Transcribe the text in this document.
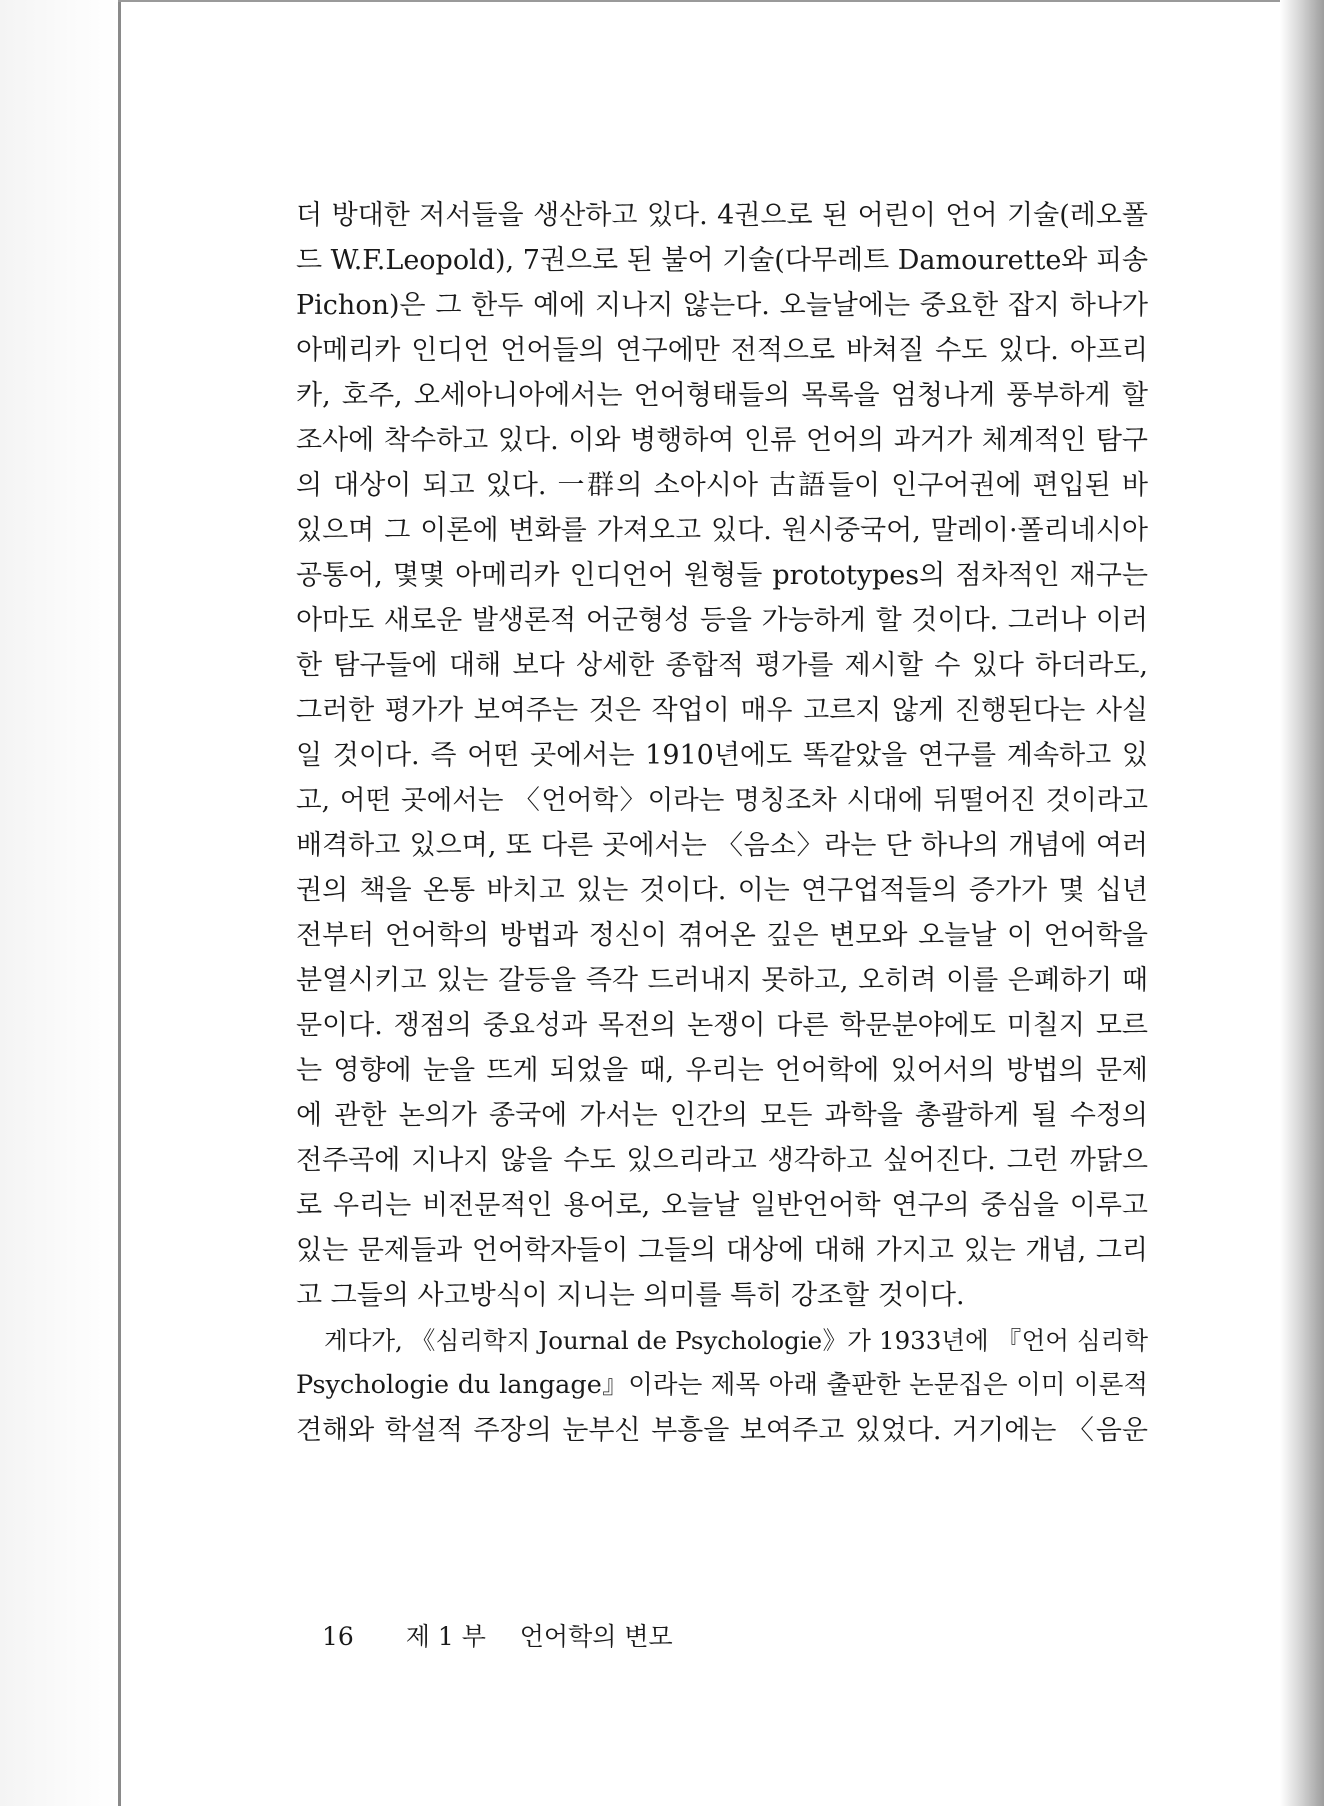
더 방대한 저서들을 생산하고 있다. 4권으로 된 어린이 언어 기술(레오폴
드 W.F.Leopold), 7권으로 된 불어 기술(다무레트 Damourette와 피송
Pichon)은 그 한두 예에 지나지 않는다. 오늘날에는 중요한 잡지 하나가
아메리카 인디언 언어들의 연구에만 전적으로 바쳐질 수도 있다. 아프리
카, 호주, 오세아니아에서는 언어형태들의 목록을 엄청나게 풍부하게 할
조사에 착수하고 있다. 이와 병행하여 인류 언어의 과거가 체계적인 탐구
의 대상이 되고 있다. 一群의 소아시아 古語들이 인구어권에 편입된 바
있으며 그 이론에 변화를 가져오고 있다. 원시중국어, 말레이·폴리네시아
공통어, 몇몇 아메리카 인디언어 원형들 prototypes의 점차적인 재구는
아마도 새로운 발생론적 어군형성 등을 가능하게 할 것이다. 그러나 이러
한 탐구들에 대해 보다 상세한 종합적 평가를 제시할 수 있다 하더라도,
그러한 평가가 보여주는 것은 작업이 매우 고르지 않게 진행된다는 사실
일 것이다. 즉 어떤 곳에서는 1910년에도 똑같았을 연구를 계속하고 있
고, 어떤 곳에서는 〈언어학〉이라는 명칭조차 시대에 뒤떨어진 것이라고
배격하고 있으며, 또 다른 곳에서는 〈음소〉라는 단 하나의 개념에 여러
권의 책을 온통 바치고 있는 것이다. 이는 연구업적들의 증가가 몇 십년
전부터 언어학의 방법과 정신이 겪어온 깊은 변모와 오늘날 이 언어학을
분열시키고 있는 갈등을 즉각 드러내지 못하고, 오히려 이를 은폐하기 때
문이다. 쟁점의 중요성과 목전의 논쟁이 다른 학문분야에도 미칠지 모르
는 영향에 눈을 뜨게 되었을 때, 우리는 언어학에 있어서의 방법의 문제
에 관한 논의가 종국에 가서는 인간의 모든 과학을 총괄하게 될 수정의
전주곡에 지나지 않을 수도 있으리라고 생각하고 싶어진다. 그런 까닭으
로 우리는 비전문적인 용어로, 오늘날 일반언어학 연구의 중심을 이루고
있는 문제들과 언어학자들이 그들의 대상에 대해 가지고 있는 개념, 그리
고 그들의 사고방식이 지니는 의미를 특히 강조할 것이다.
게다가, 《심리학지 Journal de Psychologie》가 1933년에 『언어 심리학
Psychologie du langage』이라는 제목 아래 출판한 논문집은 이미 이론적
견해와 학설적 주장의 눈부신 부흥을 보여주고 있었다. 거기에는 〈음운
16 제 1 부 언어학의 변모
